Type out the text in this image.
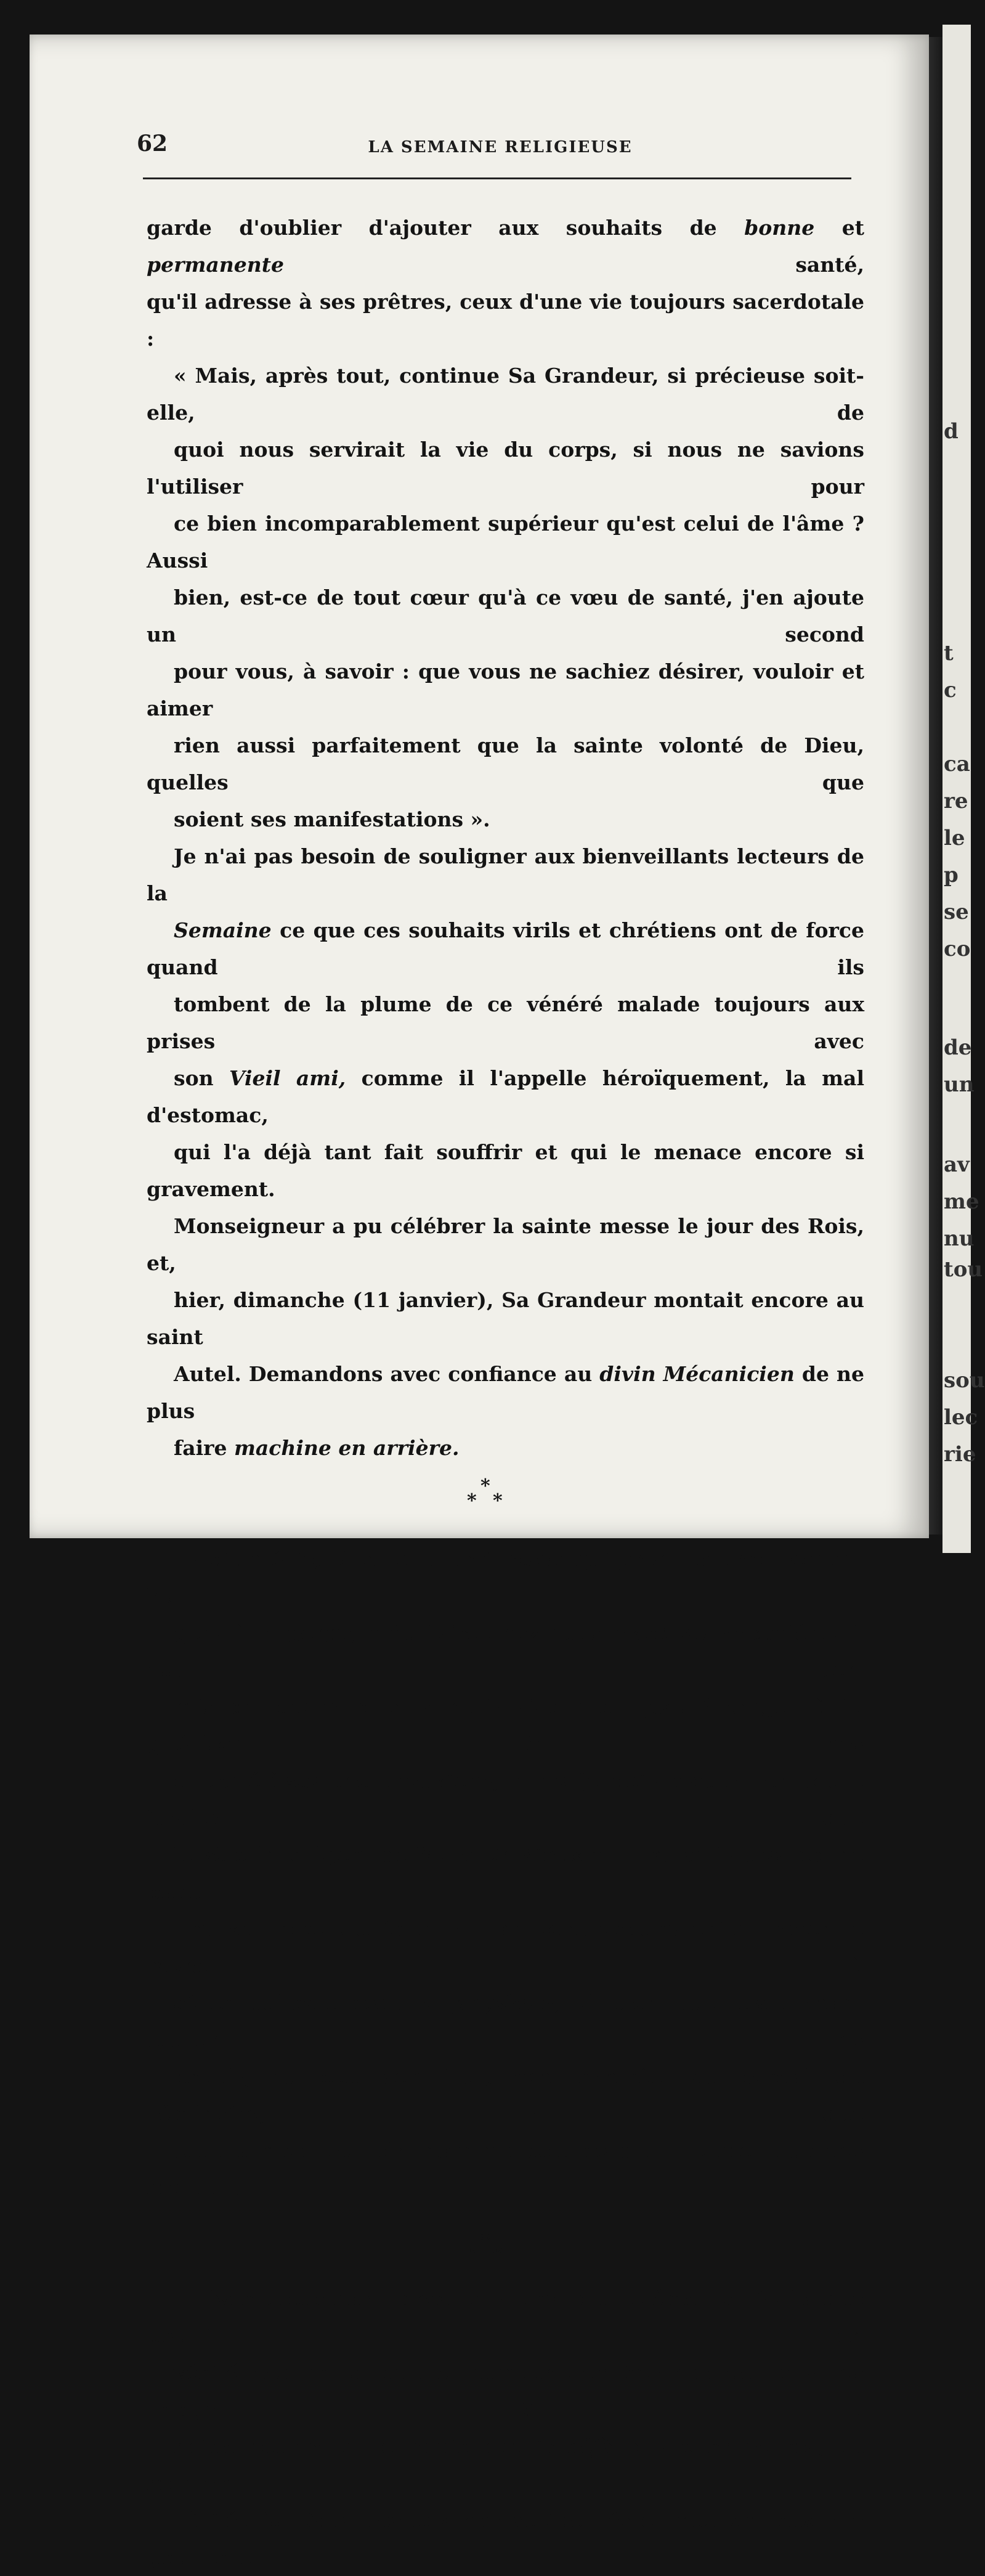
d
t
c
ca
re
le
p
se
co
de
un
av
me
nu
tou
sou
lec
rie
62	LA SEMAINE RELIGIEUSE

garde d'oublier d'ajouter aux souhaits de bonne et permanente santé,
qu'il adresse à ses prêtres, ceux d'une vie toujours sacerdotale :

« Mais, après tout, continue Sa Grandeur, si précieuse soit-elle, de
quoi nous servirait la vie du corps, si nous ne savions l'utiliser pour
ce bien incomparablement supérieur qu'est celui de l'âme ? Aussi
bien, est-ce de tout cœur qu'à ce vœu de santé, j'en ajoute un second
pour vous, à savoir : que vous ne sachiez désirer, vouloir et aimer
rien aussi parfaitement que la sainte volonté de Dieu, quelles que
soient ses manifestations ».

Je n'ai pas besoin de souligner aux bienveillants lecteurs de la
Semaine ce que ces souhaits virils et chrétiens ont de force quand ils
tombent de la plume de ce vénéré malade toujours aux prises avec
son Vieil ami, comme il l'appelle héroïquement, la mal d'estomac,
qui l'a déjà tant fait souffrir et qui le menace encore si gravement.

Monseigneur a pu célébrer la sainte messe le jour des Rois, et,
hier, dimanche (11 janvier), Sa Grandeur montait encore au saint
Autel. Demandons avec confiance au divin Mécanicien de ne plus
faire machine en arrière.

*
* *

La diphtérie, elle, cette traîtresse qui prend sournoisement les
gens à la gorge, a du faire chez nous machine en arrière. Il est per-
mis de croire que saint Blaise n'est pas étranger à la guérison de nos
chers élèves sherbrookiens, mais je dois ajouter en toute justice que
le zèle intelligent de M. le Dr Rioux a lui aussi fait sa bonne part.

Les vacances du jour de l'an sont venues enfin forcer le moral à
aider puissamment le physique, si bien que maintenant toutes les
brebis, ou peu s'en faut, sont rentrées au bercail du séminaire, et que
tout semble vouloir marcher comme dans le meilleur des mondes.

*
* *

L'hiver cependant n'est pas des plus cléments. Mais que peut-il en
vérité contre la bonne humeur des écoliers de tous les temps ? La
neige poudre et tournoie depuis déjà plusieurs heures, au moment
où j'écris. Dans nos cantons accidentés et montagneux elle peut tout
